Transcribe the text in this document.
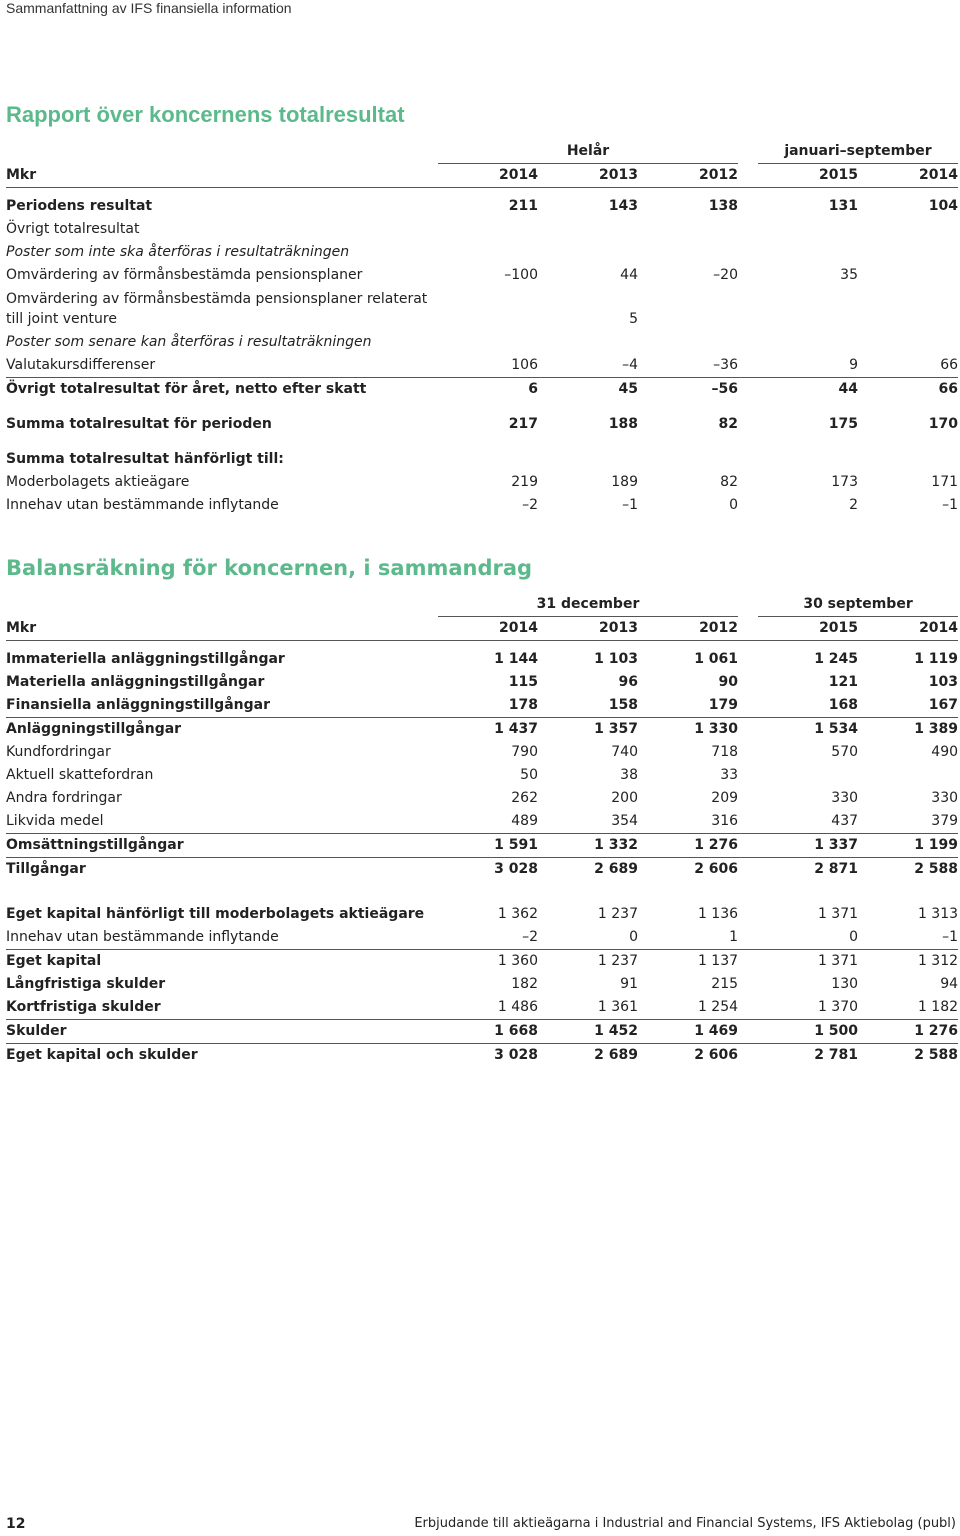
Sammanfattning av IFS finansiella information
Rapport över koncernens totalresultat
	Helår				januari–september	
Mkr	2014	2013	2012		2015	2014

Periodens resultat	211	143	138		131	104
Övrigt totalresultat						
Poster som inte ska återföras i resultaträkningen						
Omvärdering av förmånsbestämda pensionsplaner	–100	44	–20		35	
Omvärdering av förmånsbestämda pensionsplaner relaterat
till joint venture		5				
Poster som senare kan återföras i resultaträkningen						
Valutakursdifferenser	106	–4	–36		9	66
Övrigt totalresultat för året, netto efter skatt	6	45	–56		44	66

Summa totalresultat för perioden	217	188	82		175	170

Summa totalresultat hänförligt till:						
Moderbolagets aktieägare	219	189	82		173	171
Innehav utan bestämmande inflytande	–2	–1	0		2	–1
Balansräkning för koncernen, i sammandrag
	31 december				30 september	
Mkr	2014	2013	2012		2015	2014

Immateriella anläggningstillgångar	1 144	1 103	1 061		1 245	1 119
Materiella anläggningstillgångar	115	96	90		121	103
Finansiella anläggningstillgångar	178	158	179		168	167
Anläggningstillgångar	1 437	1 357	1 330		1 534	1 389
Kundfordringar	790	740	718		570	490
Aktuell skattefordran	50	38	33			
Andra fordringar	262	200	209		330	330
Likvida medel	489	354	316		437	379
Omsättningstillgångar	1 591	1 332	1 276		1 337	1 199
Tillgångar	3 028	2 689	2 606		2 871	2 588

Eget kapital hänförligt till moderbolagets aktieägare	1 362	1 237	1 136		1 371	1 313
Innehav utan bestämmande inflytande	–2	0	1		0	–1
Eget kapital	1 360	1 237	1 137		1 371	1 312
Långfristiga skulder	182	91	215		130	94
Kortfristiga skulder	1 486	1 361	1 254		1 370	1 182
Skulder	1 668	1 452	1 469		1 500	1 276
Eget kapital och skulder	3 028	2 689	2 606		2 781	2 588
12	Erbjudande till aktieägarna i Industrial and Financial Systems, IFS Aktiebolag (publ)
